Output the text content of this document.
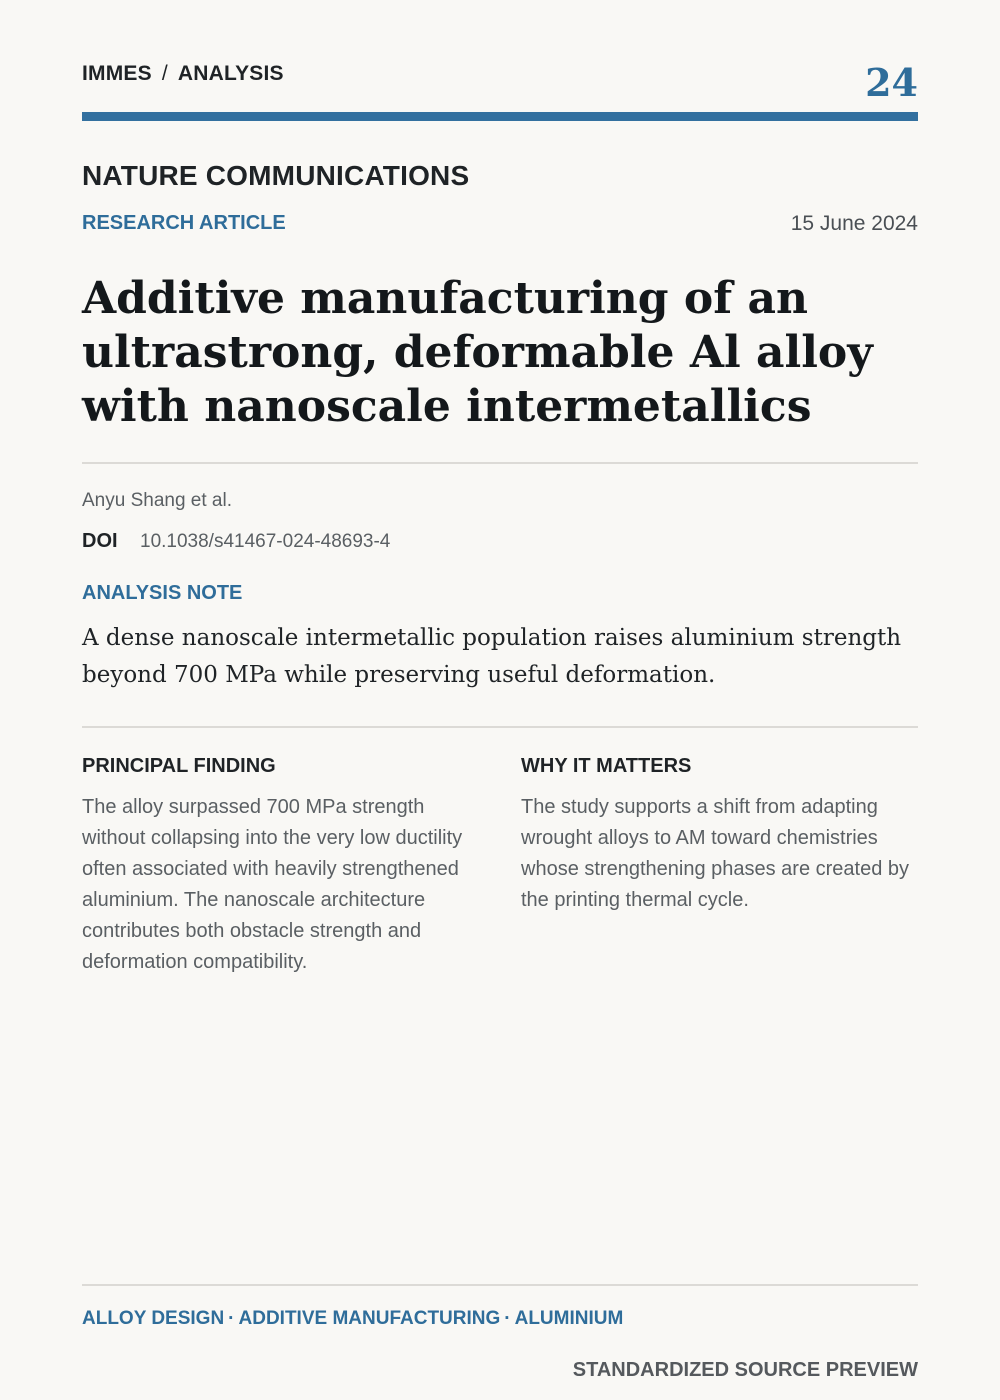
IMMES / ANALYSIS	24
NATURE COMMUNICATIONS
RESEARCH ARTICLE	15 June 2024
Additive manufacturing of an ultrastrong, deformable Al alloy with nanoscale intermetallics
Anyu Shang et al.
DOI 10.1038/s41467-024-48693-4
ANALYSIS NOTE

A dense nanoscale intermetallic population raises aluminium strength beyond 700 MPa while preserving useful deformation.

PRINCIPAL FINDING

The alloy surpassed 700 MPa strength without collapsing into the very low ductility often associated with heavily strengthened aluminium. The nanoscale architecture contributes both obstacle strength and deformation compatibility.

WHY IT MATTERS

The study supports a shift from adapting wrought alloys to AM toward chemistries whose strengthening phases are created by the printing thermal cycle.

ALLOY DESIGN · ADDITIVE MANUFACTURING · ALUMINIUM
STANDARDIZED SOURCE PREVIEW
